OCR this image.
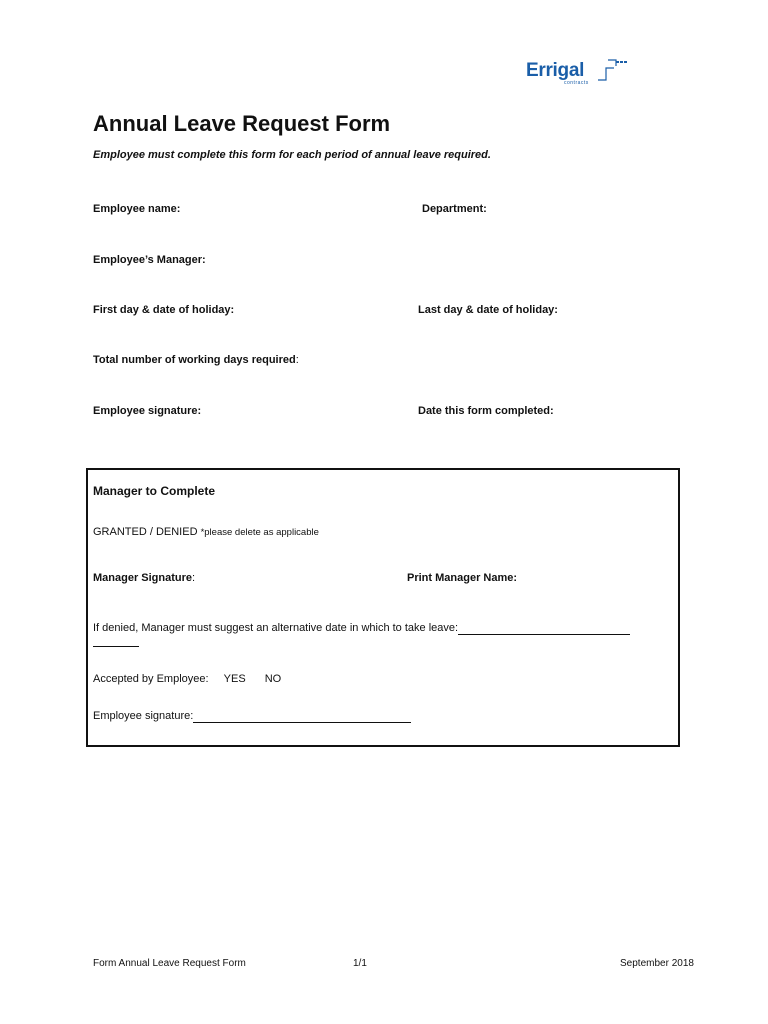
Errigal
contracts
Annual Leave Request Form
Employee must complete this form for each period of annual leave required.
Employee name:	Department:
Employee’s Manager:
First day & date of holiday:	Last day & date of holiday:
Total number of working days required:
Employee signature:	Date this form completed:
Manager to Complete
GRANTED / DENIED *please delete as applicable
Manager Signature:	Print Manager Name:
If denied, Manager must suggest an alternative date in which to take leave:
Accepted by Employee: YES NO
Employee signature:
Form Annual Leave Request Form	1/1	September 2018
